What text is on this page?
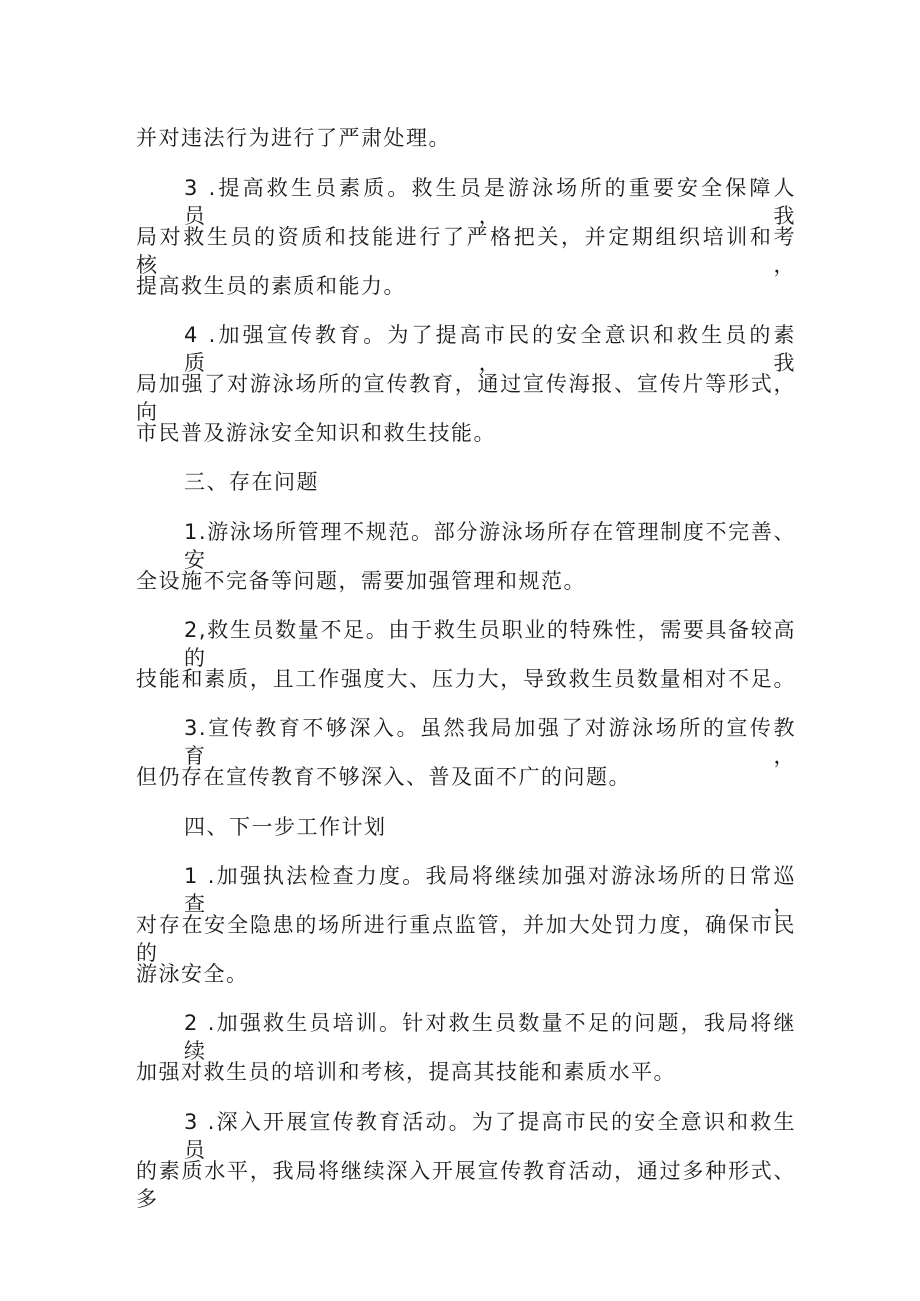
并对违法行为进行了严肃处理。
3 .提高救生员素质。救生员是游泳场所的重要安全保障人员，我
局对救生员的资质和技能进行了严格把关，并定期组织培训和考核，
提高救生员的素质和能力。
4 .加强宣传教育。为了提高市民的安全意识和救生员的素质，我
局加强了对游泳场所的宣传教育，通过宣传海报、宣传片等形式，向
市民普及游泳安全知识和救生技能。
三、存在问题
1.游泳场所管理不规范。部分游泳场所存在管理制度不完善、安
全设施不完备等问题，需要加强管理和规范。
2,救生员数量不足。由于救生员职业的特殊性，需要具备较高的
技能和素质，且工作强度大、压力大，导致救生员数量相对不足。
3.宣传教育不够深入。虽然我局加强了对游泳场所的宣传教育，
但仍存在宣传教育不够深入、普及面不广的问题。
四、下一步工作计划
1 .加强执法检查力度。我局将继续加强对游泳场所的日常巡查，
对存在安全隐患的场所进行重点监管，并加大处罚力度，确保市民的
游泳安全。
2 .加强救生员培训。针对救生员数量不足的问题，我局将继续
加强对救生员的培训和考核，提高其技能和素质水平。
3 .深入开展宣传教育活动。为了提高市民的安全意识和救生员
的素质水平，我局将继续深入开展宣传教育活动，通过多种形式、多
